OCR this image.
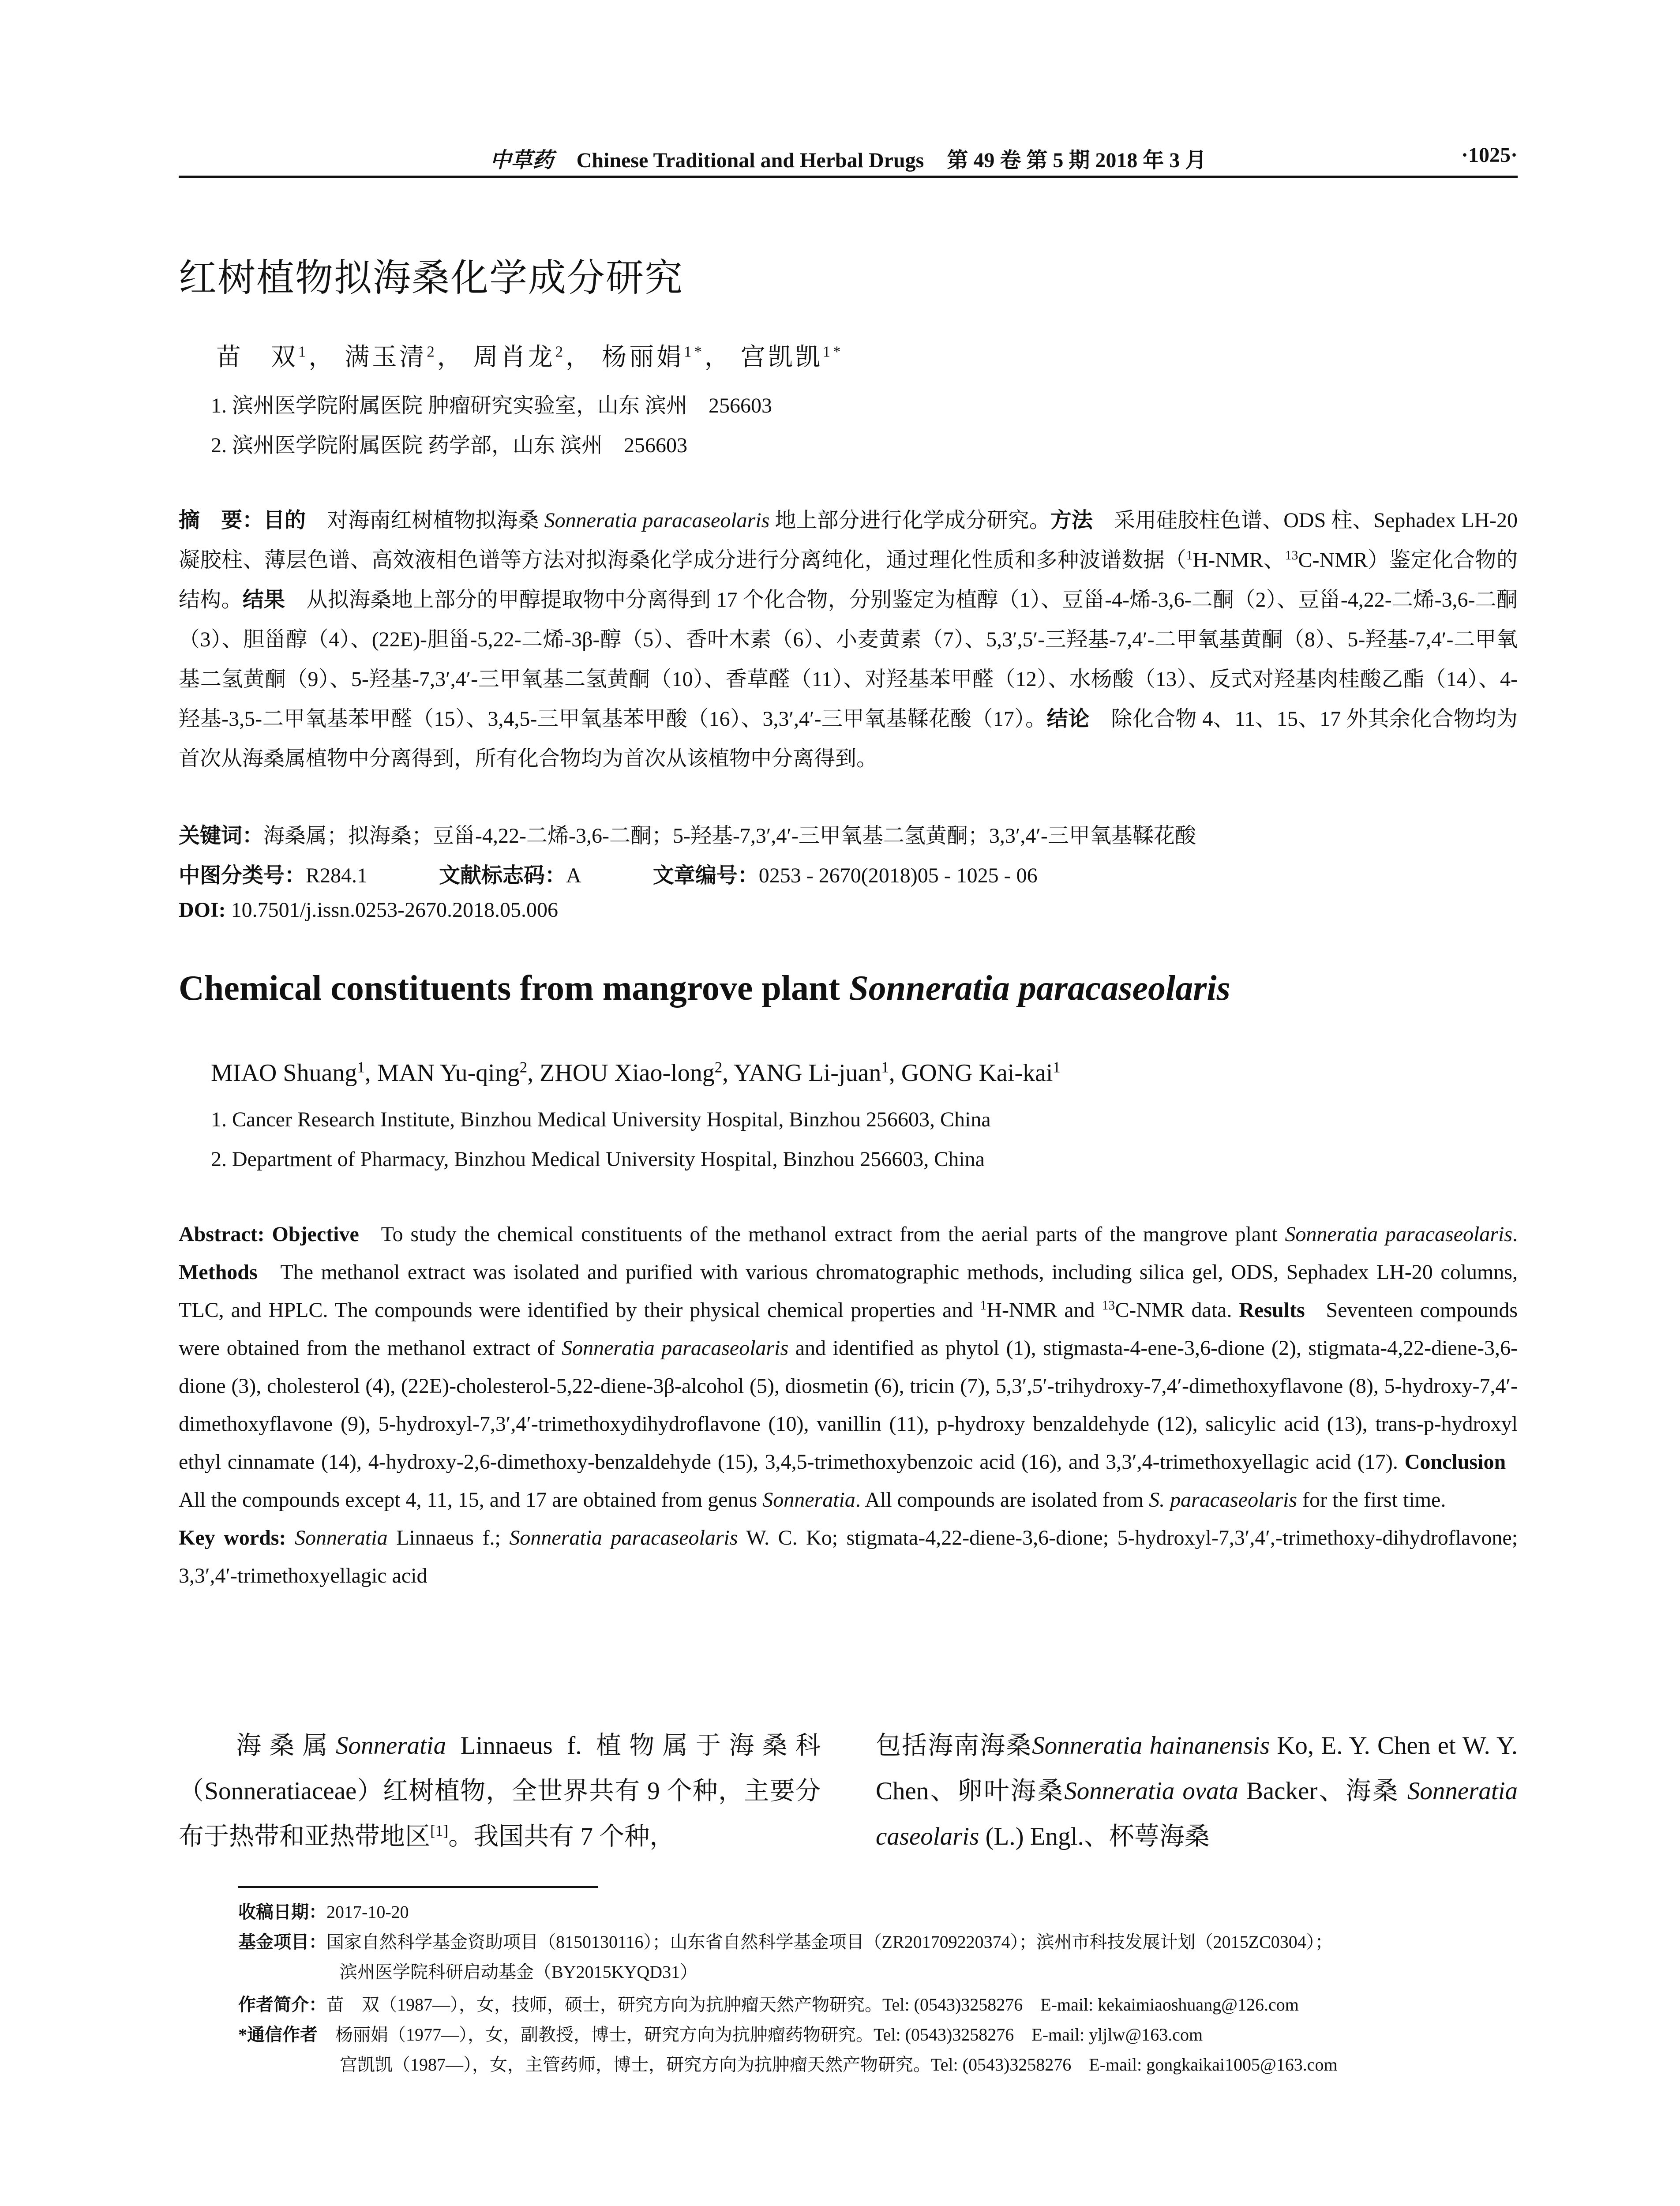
中草药 Chinese Traditional and Herbal Drugs 第 49 卷 第 5 期 2018 年 3 月	·1025·
红树植物拟海桑化学成分研究
苗　双$^1$， 满玉清$^2$， 周肖龙$^2$， 杨丽娟$^{1*}$， 宫凯凯$^{1*}$
1. 滨州医学院附属医院 肿瘤研究实验室，山东 滨州　256603
2. 滨州医学院附属医院 药学部，山东 滨州　256603
摘　要：目的　 对海南红树植物拟海桑 Sonneratia paracaseolaris 地上部分进行化学成分研究。方法　 采用硅胶柱色谱、ODS 柱、Sephadex LH-20 凝胶柱、薄层色谱、高效液相色谱等方法对拟海桑化学成分进行分离纯化，通过理化性质和多种波谱数据（$^1$H-NMR、$^{13}$C-NMR）鉴定化合物的结构。结果　 从拟海桑地上部分的甲醇提取物中分离得到 17 个化合物，分别鉴定为植醇（1）、豆甾-4-烯-3,6-二酮（2）、豆甾-4,22-二烯-3,6-二酮（3）、胆甾醇（4）、(22E)-胆甾-5,22-二烯-3β-醇（5）、香叶木素（6）、小麦黄素（7）、5,3′,5′-三羟基-7,4′-二甲氧基黄酮（8）、5-羟基-7,4′-二甲氧基二氢黄酮（9）、5-羟基-7,3′,4′-三甲氧基二氢黄酮（10）、香草醛（11）、对羟基苯甲醛（12）、水杨酸（13）、反式对羟基肉桂酸乙酯（14）、4-羟基-3,5-二甲氧基苯甲醛（15）、3,4,5-三甲氧基苯甲酸（16）、3,3′,4′-三甲氧基鞣花酸（17）。结论　 除化合物 4、11、15、17 外其余化合物均为首次从海桑属植物中分离得到，所有化合物均为首次从该植物中分离得到。
关键词：海桑属；拟海桑；豆甾-4,22-二烯-3,6-二酮；5-羟基-7,3′,4′-三甲氧基二氢黄酮；3,3′,4′-三甲氧基鞣花酸
中图分类号：R284.1	文献标志码：A	文章编号：0253 - 2670(2018)05 - 1025 - 06
DOI: 10.7501/j.issn.0253-2670.2018.05.006
Chemical constituents from mangrove plant Sonneratia paracaseolaris
MIAO Shuang$^1$, MAN Yu-qing$^2$, ZHOU Xiao-long$^2$, YANG Li-juan$^1$, GONG Kai-kai$^1$
1. Cancer Research Institute, Binzhou Medical University Hospital, Binzhou 256603, China
2. Department of Pharmacy, Binzhou Medical University Hospital, Binzhou 256603, China
Abstract: Objective To study the chemical constituents of the methanol extract from the aerial parts of the mangrove plant Sonneratia paracaseolaris. Methods The methanol extract was isolated and purified with various chromatographic methods, including silica gel, ODS, Sephadex LH-20 columns, TLC, and HPLC. The compounds were identified by their physical chemical properties and $^1$H-NMR and $^{13}$C-NMR data. Results Seventeen compounds were obtained from the methanol extract of Sonneratia paracaseolaris and identified as phytol (1), stigmasta-4-ene-3,6-dione (2), stigmata-4,22-diene-3,6-dione (3), cholesterol (4), (22E)-cholesterol-5,22-diene-3β-alcohol (5), diosmetin (6), tricin (7), 5,3′,5′-trihydroxy-7,4′-dimethoxyflavone (8), 5-hydroxy-7,4′-dimethoxyflavone (9), 5-hydroxyl-7,3′,4′-trimethoxydihydroflavone (10), vanillin (11), p-hydroxy benzaldehyde (12), salicylic acid (13), trans-p-hydroxyl ethyl cinnamate (14), 4-hydroxy-2,6-dimethoxy-benzaldehyde (15), 3,4,5-trimethoxybenzoic acid (16), and 3,3′,4-trimethoxyellagic acid (17). Conclusion   All the compounds except 4, 11, 15, and 17 are obtained from genus Sonneratia. All compounds are isolated from S. paracaseolaris for the first time.
Key words: Sonneratia Linnaeus f.; Sonneratia paracaseolaris W. C. Ko; stigmata-4,22-diene-3,6-dione; 5-hydroxyl-7,3′,4′,-trimethoxy-dihydroflavone; 3,3′,4′-trimethoxyellagic acid
海桑属Sonneratia Linnaeus f. 植物属于海桑科（Sonneratiaceae）红树植物，全世界共有 9 个种，主要分布于热带和亚热带地区[1]。我国共有 7 个种，
包括海南海桑Sonneratia hainanensis Ko, E. Y. Chen et W. Y. Chen、卵叶海桑Sonneratia ovata Backer、海桑 Sonneratia caseolaris (L.) Engl.、杯萼海桑
收稿日期：2017-10-20
基金项目：国家自然科学基金资助项目（8150130116）；山东省自然科学基金项目（ZR201709220374）；滨州市科技发展计划（2015ZC0304）；
滨州医学院科研启动基金（BY2015KYQD31）
作者简介：苗　双（1987—），女，技师，硕士，研究方向为抗肿瘤天然产物研究。Tel: (0543)3258276　E-mail: kekaimiaoshuang@126.com
*通信作者　 杨丽娟（1977—），女，副教授，博士，研究方向为抗肿瘤药物研究。Tel: (0543)3258276　E-mail: yljlw@163.com
宫凯凯（1987—），女，主管药师，博士，研究方向为抗肿瘤天然产物研究。Tel: (0543)3258276　E-mail: gongkaikai1005@163.com
